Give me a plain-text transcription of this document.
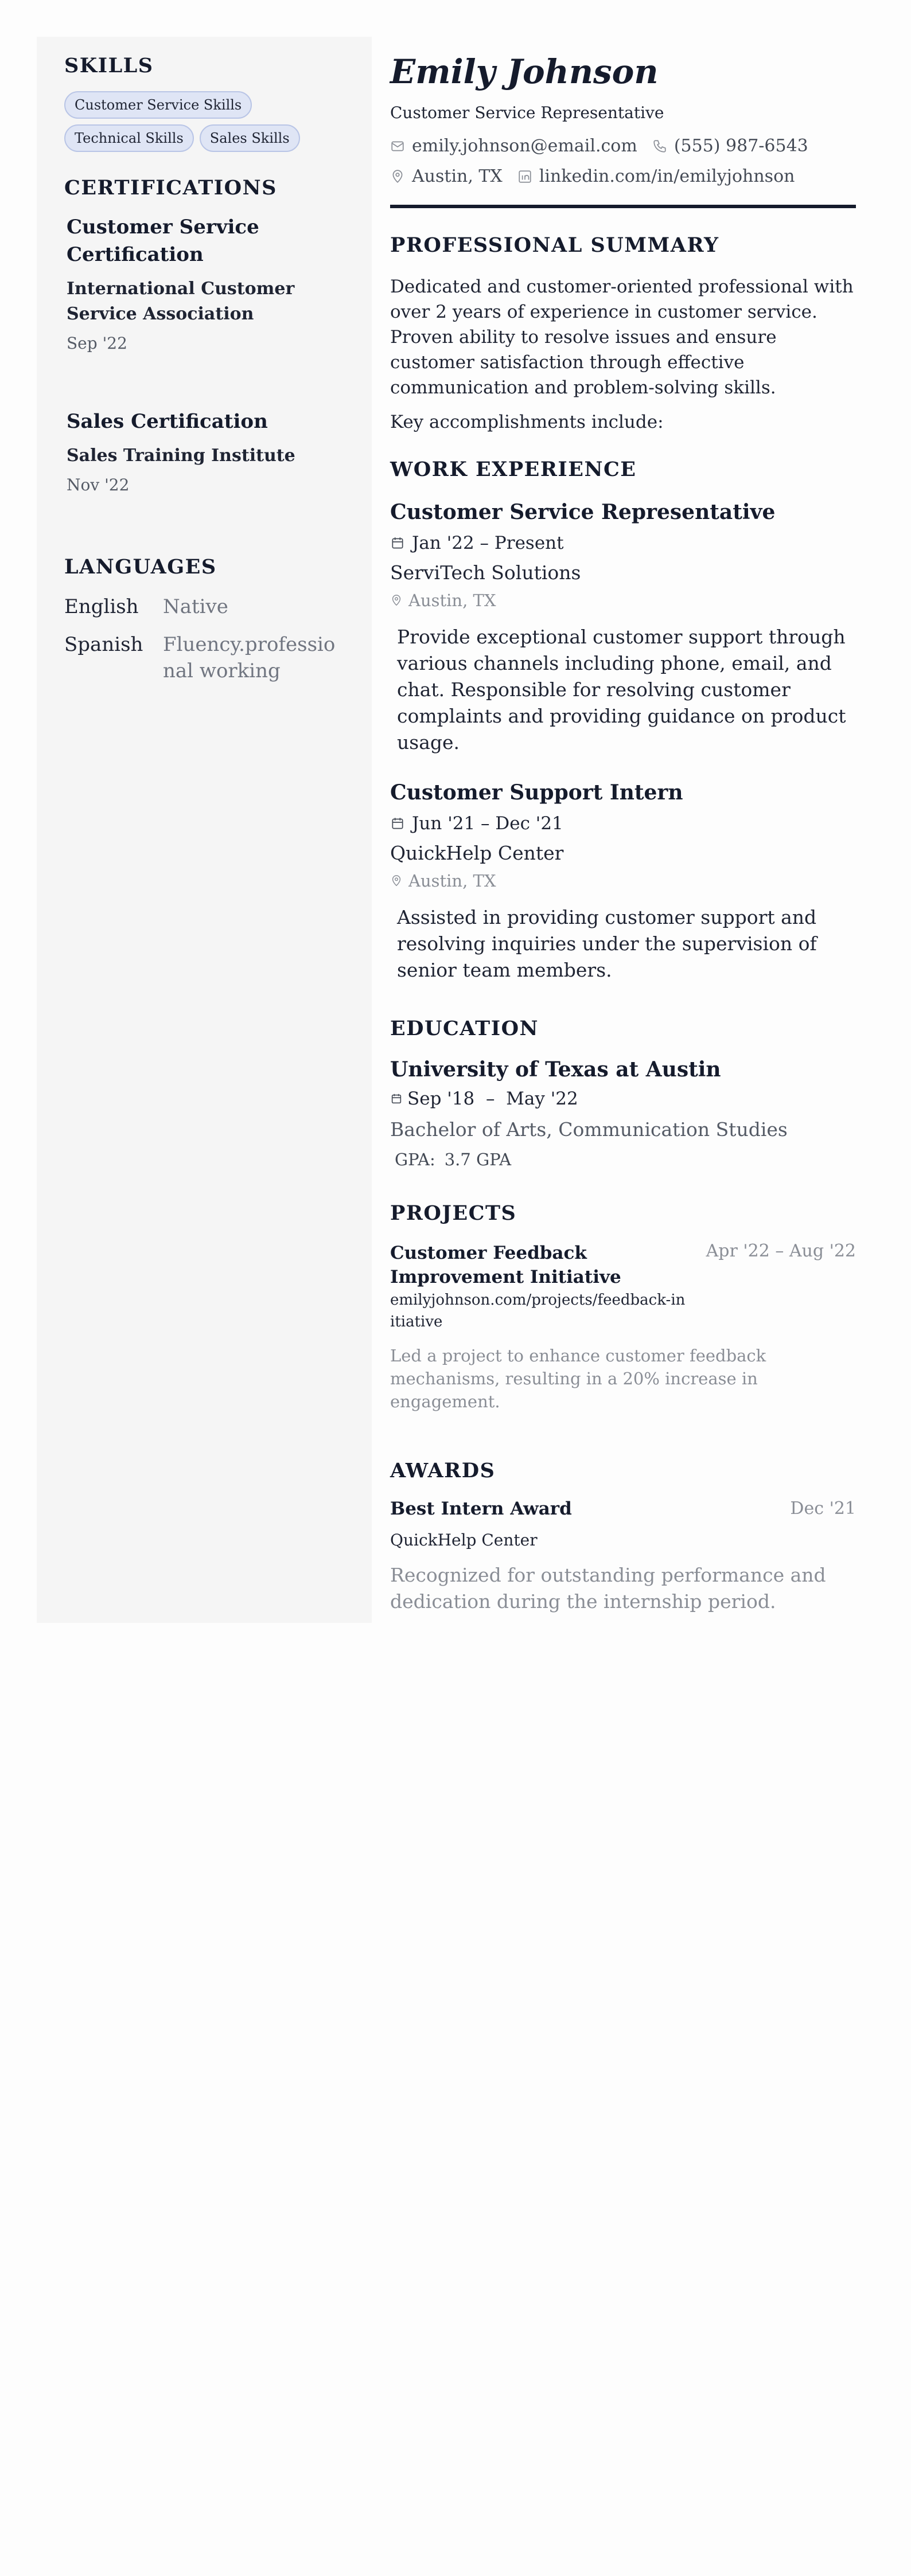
SKILLS
Customer Service Skills
Technical Skills	Sales Skills
CERTIFICATIONS
Customer Service Certification
International Customer Service Association
Sep '22
Sales Certification
Sales Training Institute
Nov '22
LANGUAGES
English	Native
Spanish	Fluency.professional working
Emily Johnson
Customer Service Representative
emily.johnson@email.com (555) 987-6543
Austin, TX linkedin.com/in/emilyjohnson
PROFESSIONAL SUMMARY
Dedicated and customer-oriented professional with over 2 years of experience in customer service. Proven ability to resolve issues and ensure customer satisfaction through effective communication and problem-solving skills.
Key accomplishments include:
WORK EXPERIENCE
Customer Service Representative
Jan '22 – Present
ServiTech Solutions
Austin, TX
Provide exceptional customer support through various channels including phone, email, and chat. Responsible for resolving customer complaints and providing guidance on product usage.
Customer Support Intern
Jun '21 – Dec '21
QuickHelp Center
Austin, TX
Assisted in providing customer support and resolving inquiries under the supervision of senior team members.
EDUCATION
University of Texas at Austin
Sep '18  –  May '22
Bachelor of Arts, Communication Studies
GPA: 3.7 GPA
PROJECTS
Customer Feedback Improvement Initiative
emilyjohnson.com/projects/feedback-initiative
Apr '22 – Aug '22
Led a project to enhance customer feedback mechanisms, resulting in a 20% increase in engagement.
AWARDS
Best Intern Award	Dec '21
QuickHelp Center
Recognized for outstanding performance and dedication during the internship period.
